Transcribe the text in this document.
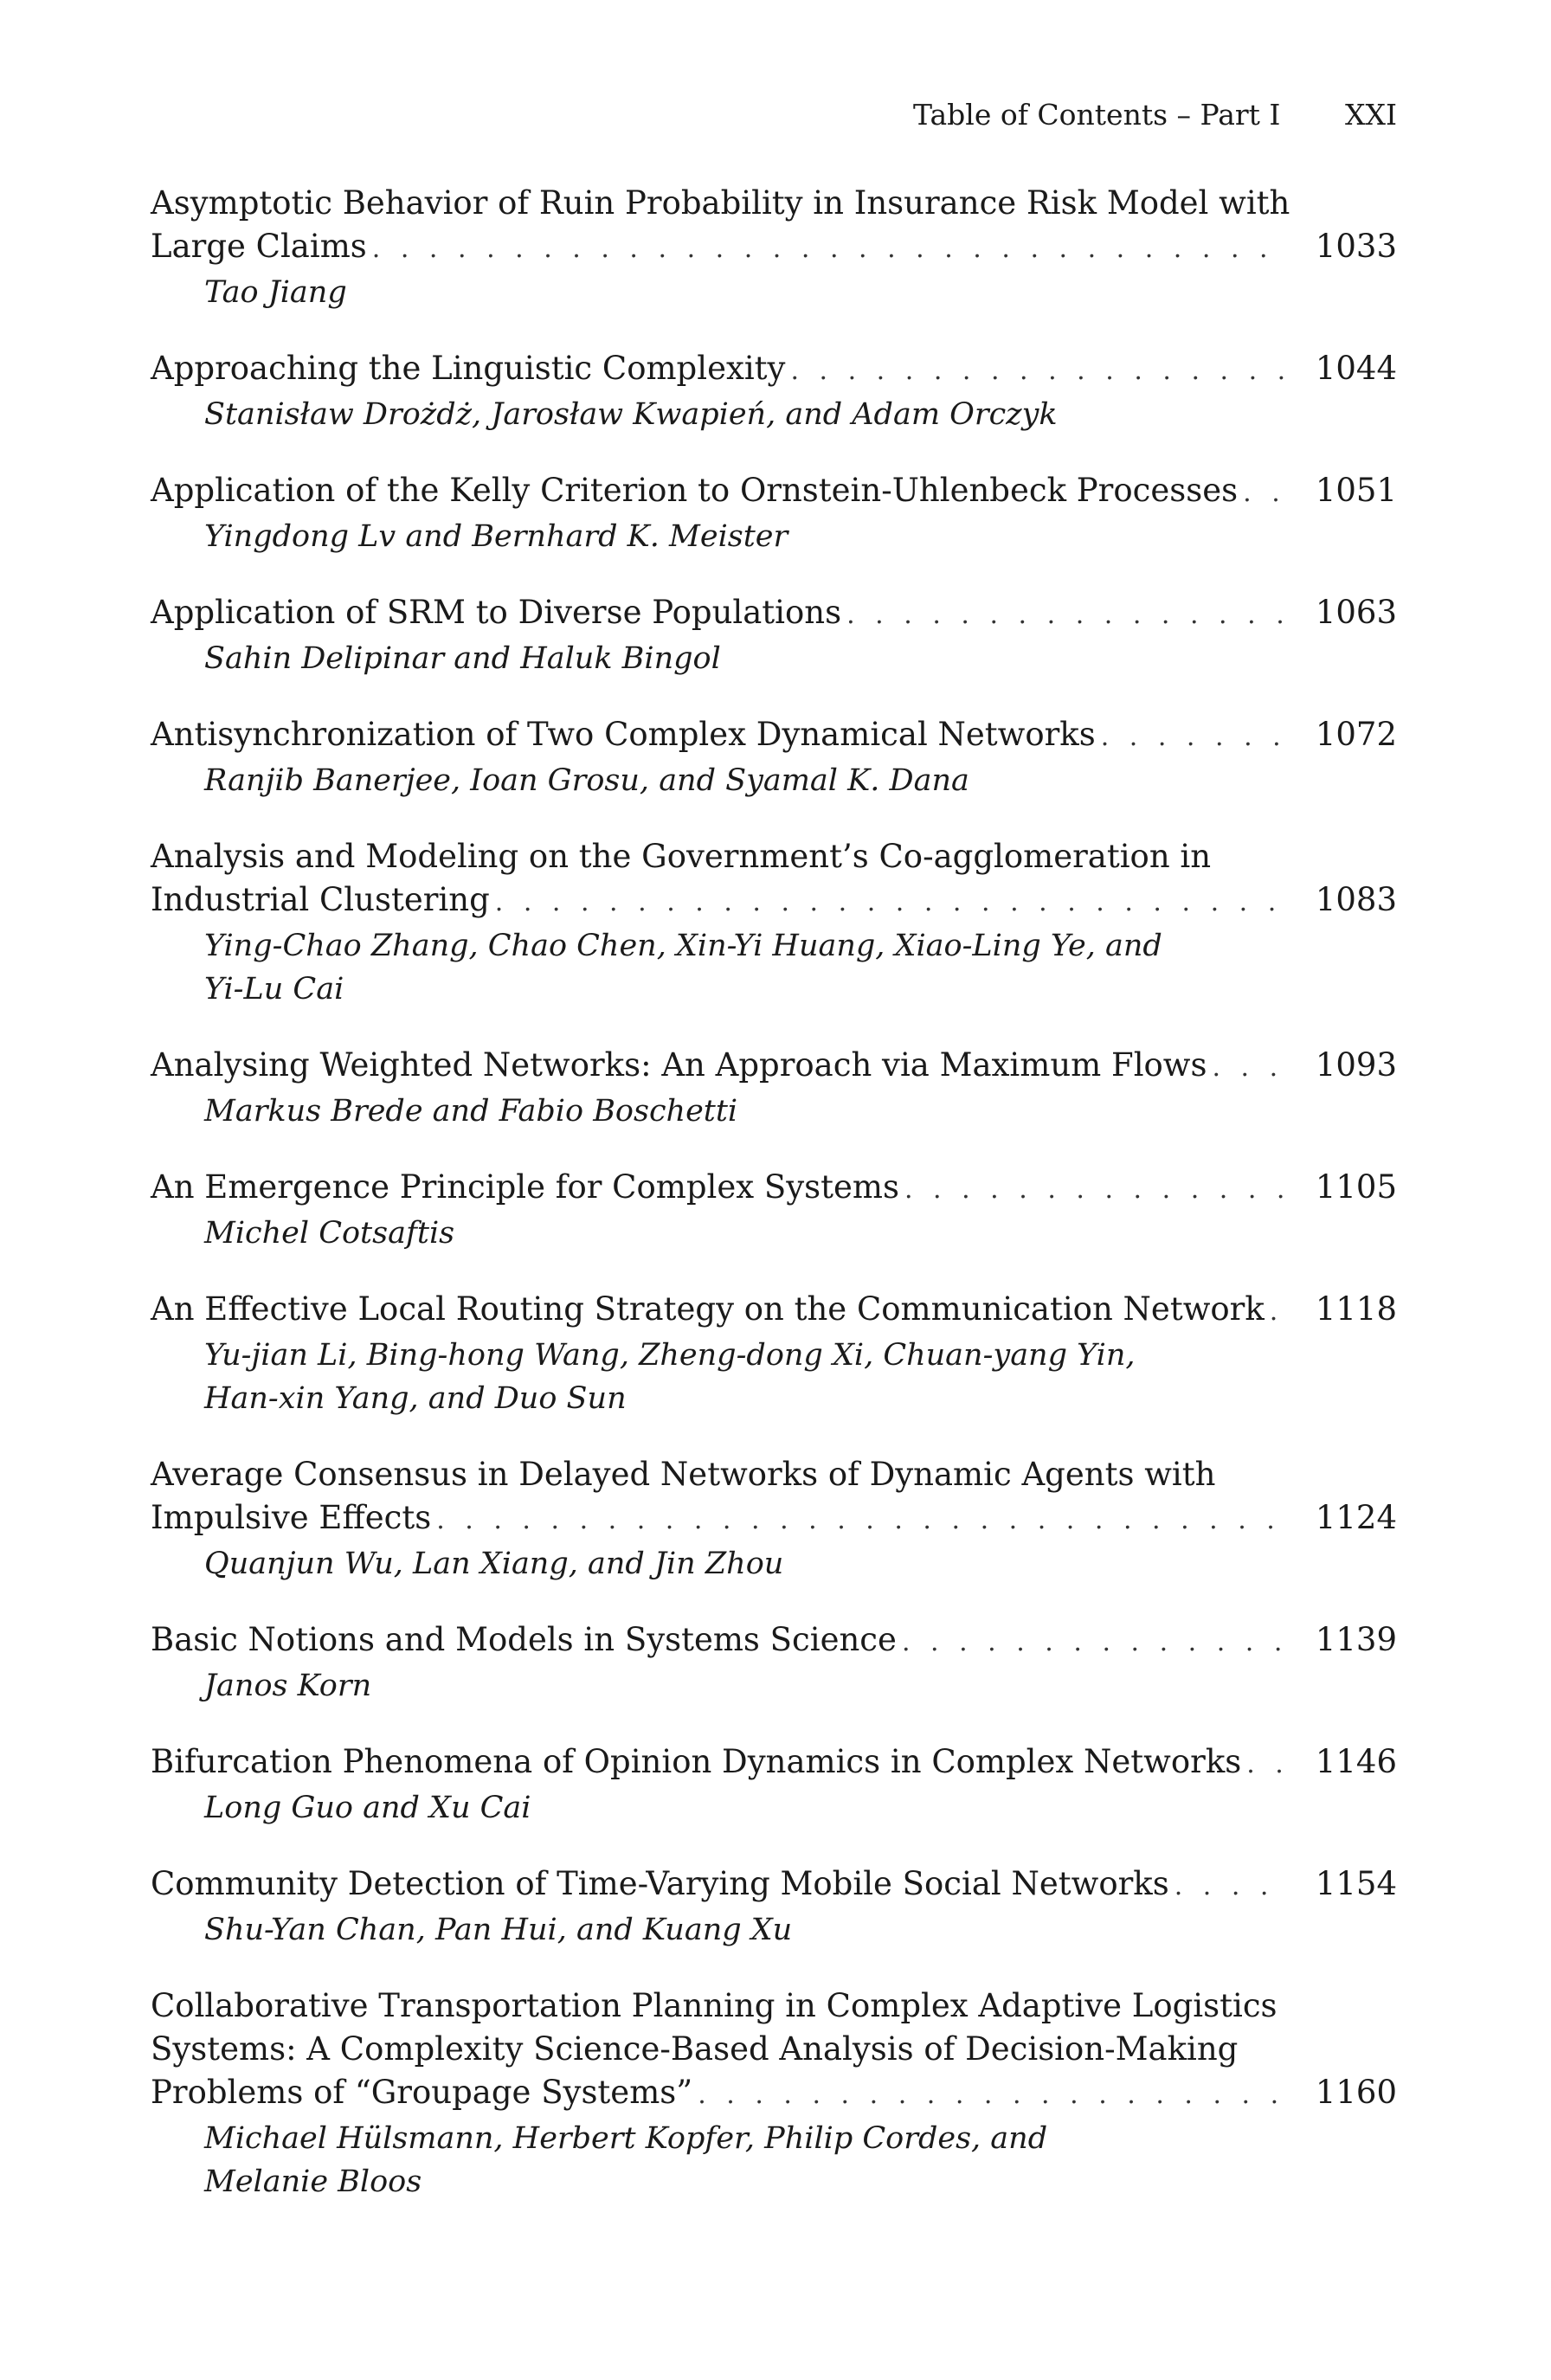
Table of Contents – Part I XXI
Asymptotic Behavior of Ruin Probability in Insurance Risk Model with
Large Claims . . .	1033
Tao Jiang
Approaching the Linguistic Complexity . . .	1044
Stanisław Drożdż, Jarosław Kwapień, and Adam Orczyk
Application of the Kelly Criterion to Ornstein-Uhlenbeck Processes . . . 1051
Yingdong Lv and Bernhard K. Meister
Application of SRM to Diverse Populations . . .	1063
Sahin Delipinar and Haluk Bingol
Antisynchronization of Two Complex Dynamical Networks . . .	1072
Ranjib Banerjee, Ioan Grosu, and Syamal K. Dana
Analysis and Modeling on the Government’s Co-agglomeration in
Industrial Clustering . . .	1083
Ying-Chao Zhang, Chao Chen, Xin-Yi Huang, Xiao-Ling Ye, and
Yi-Lu Cai
Analysing Weighted Networks: An Approach via Maximum Flows . . .	1093
Markus Brede and Fabio Boschetti
An Emergence Principle for Complex Systems . . .	1105
Michel Cotsaftis
An Effective Local Routing Strategy on the Communication Network . . . 1118
Yu-jian Li, Bing-hong Wang, Zheng-dong Xi, Chuan-yang Yin,
Han-xin Yang, and Duo Sun
Average Consensus in Delayed Networks of Dynamic Agents with
Impulsive Effects . . .	1124
Quanjun Wu, Lan Xiang, and Jin Zhou
Basic Notions and Models in Systems Science . . .	1139
Janos Korn
Bifurcation Phenomena of Opinion Dynamics in Complex Networks . . . 1146
Long Guo and Xu Cai
Community Detection of Time-Varying Mobile Social Networks . . .	1154
Shu-Yan Chan, Pan Hui, and Kuang Xu
Collaborative Transportation Planning in Complex Adaptive Logistics
Systems: A Complexity Science-Based Analysis of Decision-Making
Problems of “Groupage Systems” . . .	1160
Michael Hülsmann, Herbert Kopfer, Philip Cordes, and
Melanie Bloos
